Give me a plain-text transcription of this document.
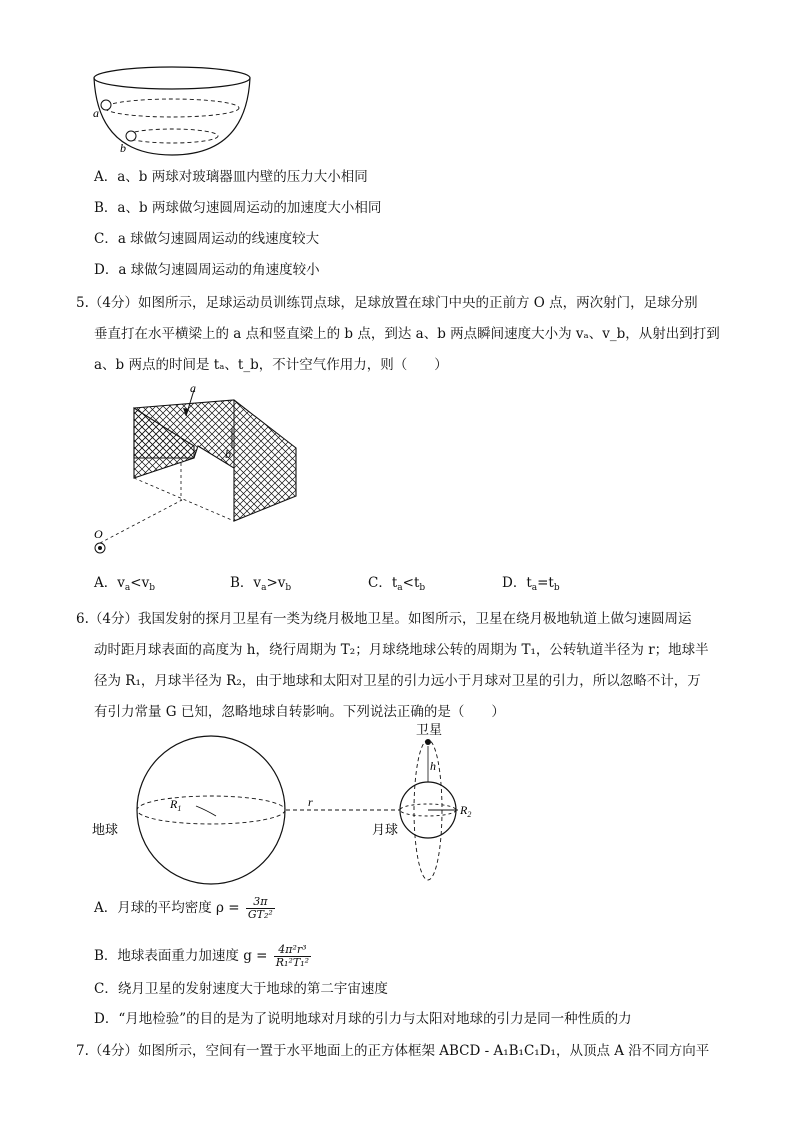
a
b
A．a、b 两球对玻璃器皿内壁的压力大小相同
B．a、b 两球做匀速圆周运动的加速度大小相同
C．a 球做匀速圆周运动的线速度较大
D．a 球做匀速圆周运动的角速度较小
5.（4分）如图所示，足球运动员训练罚点球，足球放置在球门中央的正前方 O 点，两次射门，足球分别
垂直打在水平横梁上的 a 点和竖直梁上的 b 点，到达 a、b 两点瞬间速度大小为 vₐ、v_b，从射出到打到
a、b 两点的时间是 tₐ、t_b，不计空气作用力，则（　　）
a
b
O
A．$v_a<v_b$	B．$v_a>v_b$	C．$t_a<t_b$	D．$t_a=t_b$
6.（4分）我国发射的探月卫星有一类为绕月极地卫星。如图所示，卫星在绕月极地轨道上做匀速圆周运
动时距月球表面的高度为 h，绕行周期为 T₂；月球绕地球公转的周期为 T₁，公转轨道半径为 r；地球半
径为 R₁，月球半径为 R₂，由于地球和太阳对卫星的引力远小于月球对卫星的引力，所以忽略不计，万
有引力常量 G 已知，忽略地球自转影响。下列说法正确的是（　　）
卫星
h
地球
$R_1$	r
月球
$R_2$
A．月球的平均密度 $\rho = \frac{3\pi}{\text{GT₂²}}$
B．地球表面重力加速度 $g = \frac{\text{4π²r³}}{\text{R₁²T₁²}}$
C．绕月卫星的发射速度大于地球的第二宇宙速度
D．“月地检验”的目的是为了说明地球对月球的引力与太阳对地球的引力是同一种性质的力
7.（4分）如图所示，空间有一置于水平地面上的正方体框架 ABCD - A₁B₁C₁D₁，从顶点 A 沿不同方向平
